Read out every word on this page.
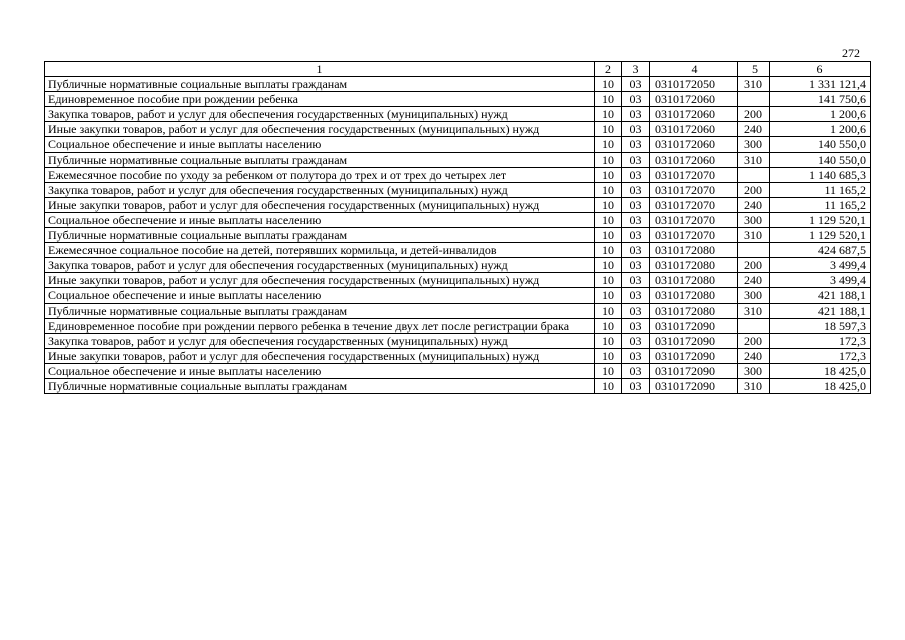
272
1	2	3	4	5	6
Публичные нормативные социальные выплаты гражданам	10	03	0310172050	310	1 331 121,4
Единовременное пособие при рождении ребенка	10	03	0310172060		141 750,6
Закупка товаров, работ и услуг для обеспечения государственных (муниципальных) нужд	10	03	0310172060	200	1 200,6
Иные закупки товаров, работ и услуг для обеспечения государственных (муниципальных) нужд	10	03	0310172060	240	1 200,6
Социальное обеспечение и иные выплаты населению	10	03	0310172060	300	140 550,0
Публичные нормативные социальные выплаты гражданам	10	03	0310172060	310	140 550,0
Ежемесячное пособие по уходу за ребенком от полутора до трех и от трех до четырех лет	10	03	0310172070		1 140 685,3
Закупка товаров, работ и услуг для обеспечения государственных (муниципальных) нужд	10	03	0310172070	200	11 165,2
Иные закупки товаров, работ и услуг для обеспечения государственных (муниципальных) нужд	10	03	0310172070	240	11 165,2
Социальное обеспечение и иные выплаты населению	10	03	0310172070	300	1 129 520,1
Публичные нормативные социальные выплаты гражданам	10	03	0310172070	310	1 129 520,1
Ежемесячное социальное пособие на детей, потерявших кормильца, и детей-инвалидов	10	03	0310172080		424 687,5
Закупка товаров, работ и услуг для обеспечения государственных (муниципальных) нужд	10	03	0310172080	200	3 499,4
Иные закупки товаров, работ и услуг для обеспечения государственных (муниципальных) нужд	10	03	0310172080	240	3 499,4
Социальное обеспечение и иные выплаты населению	10	03	0310172080	300	421 188,1
Публичные нормативные социальные выплаты гражданам	10	03	0310172080	310	421 188,1
Единовременное пособие при рождении первого ребенка в течение двух лет после регистрации брака	10	03	0310172090		18 597,3
Закупка товаров, работ и услуг для обеспечения государственных (муниципальных) нужд	10	03	0310172090	200	172,3
Иные закупки товаров, работ и услуг для обеспечения государственных (муниципальных) нужд	10	03	0310172090	240	172,3
Социальное обеспечение и иные выплаты населению	10	03	0310172090	300	18 425,0
Публичные нормативные социальные выплаты гражданам	10	03	0310172090	310	18 425,0
